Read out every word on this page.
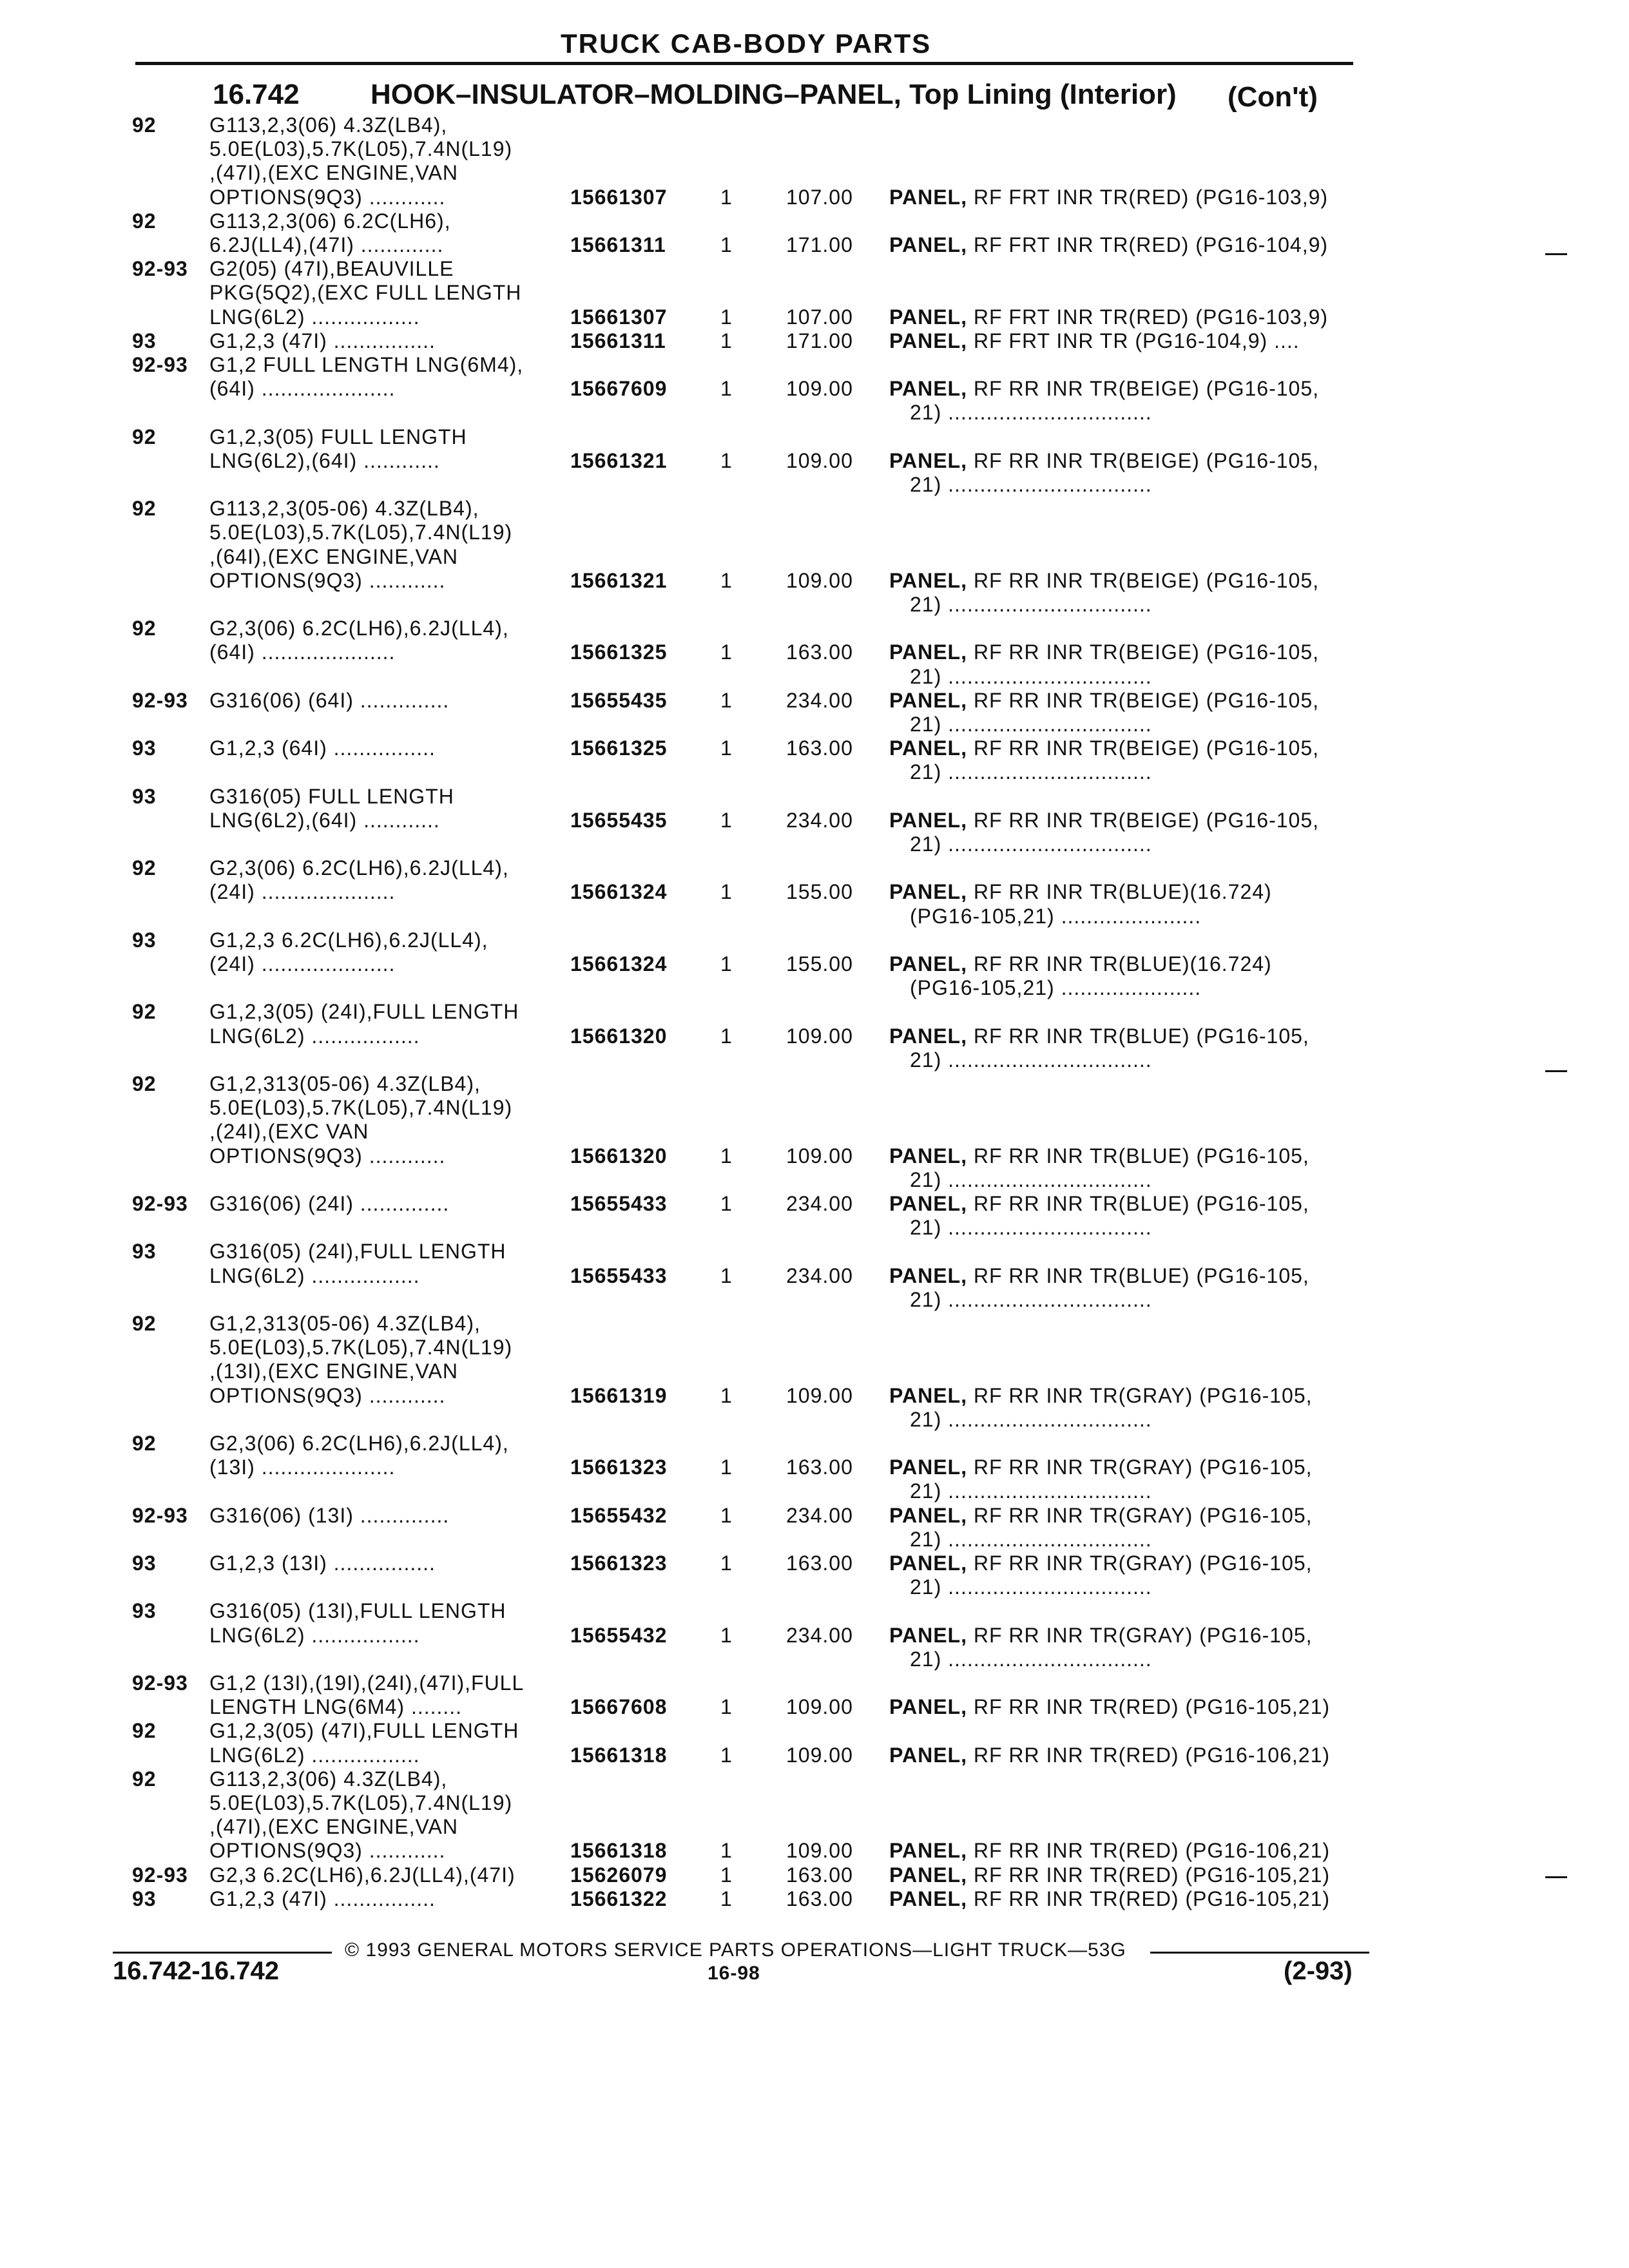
TRUCK CAB-BODY PARTS
16.742	HOOK–INSULATOR–MOLDING–PANEL, Top Lining (Interior) (Con't)
92	G113,2,3(06) 4.3Z(LB4),
5.0E(L03),5.7K(L05),7.4N(L19)
,(47I),(EXC ENGINE,VAN
OPTIONS(9Q3) ............	15661307	1	107.00 PANEL, RF FRT INR TR(RED) (PG16-103,9)
92	G113,2,3(06) 6.2C(LH6),
6.2J(LL4),(47I) .............	15661311	1	171.00 PANEL, RF FRT INR TR(RED) (PG16-104,9)
92-93 G2(05) (47I),BEAUVILLE
PKG(5Q2),(EXC FULL LENGTH
LNG(6L2) .................	15661307	1	107.00 PANEL, RF FRT INR TR(RED) (PG16-103,9)
93	G1,2,3 (47I) ................	15661311	1	171.00 PANEL, RF FRT INR TR (PG16-104,9) ....
92-93 G1,2 FULL LENGTH LNG(6M4),
(64I) .....................	15667609	1	109.00 PANEL, RF RR INR TR(BEIGE) (PG16-105,
21) ................................
92	G1,2,3(05) FULL LENGTH
LNG(6L2),(64I) ............	15661321	1	109.00 PANEL, RF RR INR TR(BEIGE) (PG16-105,
21) ................................
92	G113,2,3(05-06) 4.3Z(LB4),
5.0E(L03),5.7K(L05),7.4N(L19)
,(64I),(EXC ENGINE,VAN
OPTIONS(9Q3) ............	15661321	1	109.00 PANEL, RF RR INR TR(BEIGE) (PG16-105,
21) ................................
92	G2,3(06) 6.2C(LH6),6.2J(LL4),
(64I) .....................	15661325	1	163.00 PANEL, RF RR INR TR(BEIGE) (PG16-105,
21) ................................
92-93 G316(06) (64I) ..............	15655435	1	234.00 PANEL, RF RR INR TR(BEIGE) (PG16-105,
21) ................................
93	G1,2,3 (64I) ................	15661325	1	163.00 PANEL, RF RR INR TR(BEIGE) (PG16-105,
21) ................................
93	G316(05) FULL LENGTH
LNG(6L2),(64I) ............	15655435	1	234.00 PANEL, RF RR INR TR(BEIGE) (PG16-105,
21) ................................
92	G2,3(06) 6.2C(LH6),6.2J(LL4),
(24I) .....................	15661324	1	155.00 PANEL, RF RR INR TR(BLUE)(16.724)
(PG16-105,21) ......................
93	G1,2,3 6.2C(LH6),6.2J(LL4),
(24I) .....................	15661324	1	155.00 PANEL, RF RR INR TR(BLUE)(16.724)
(PG16-105,21) ......................
92	G1,2,3(05) (24I),FULL LENGTH
LNG(6L2) .................	15661320	1	109.00 PANEL, RF RR INR TR(BLUE) (PG16-105,
21) ................................
92	G1,2,313(05-06) 4.3Z(LB4),
5.0E(L03),5.7K(L05),7.4N(L19)
,(24I),(EXC VAN
OPTIONS(9Q3) ............	15661320	1	109.00 PANEL, RF RR INR TR(BLUE) (PG16-105,
21) ................................
92-93 G316(06) (24I) ..............	15655433	1	234.00 PANEL, RF RR INR TR(BLUE) (PG16-105,
21) ................................
93	G316(05) (24I),FULL LENGTH
LNG(6L2) .................	15655433	1	234.00 PANEL, RF RR INR TR(BLUE) (PG16-105,
21) ................................
92	G1,2,313(05-06) 4.3Z(LB4),
5.0E(L03),5.7K(L05),7.4N(L19)
,(13I),(EXC ENGINE,VAN
OPTIONS(9Q3) ............	15661319	1	109.00 PANEL, RF RR INR TR(GRAY) (PG16-105,
21) ................................
92	G2,3(06) 6.2C(LH6),6.2J(LL4),
(13I) .....................	15661323	1	163.00 PANEL, RF RR INR TR(GRAY) (PG16-105,
21) ................................
92-93 G316(06) (13I) ..............	15655432	1	234.00 PANEL, RF RR INR TR(GRAY) (PG16-105,
21) ................................
93	G1,2,3 (13I) ................	15661323	1	163.00 PANEL, RF RR INR TR(GRAY) (PG16-105,
21) ................................
93	G316(05) (13I),FULL LENGTH
LNG(6L2) .................	15655432	1	234.00 PANEL, RF RR INR TR(GRAY) (PG16-105,
21) ................................
92-93 G1,2 (13I),(19I),(24I),(47I),FULL
LENGTH LNG(6M4) ........	15667608	1	109.00 PANEL, RF RR INR TR(RED) (PG16-105,21)
92	G1,2,3(05) (47I),FULL LENGTH
LNG(6L2) .................	15661318	1	109.00 PANEL, RF RR INR TR(RED) (PG16-106,21)
92	G113,2,3(06) 4.3Z(LB4),
5.0E(L03),5.7K(L05),7.4N(L19)
,(47I),(EXC ENGINE,VAN
OPTIONS(9Q3) ............	15661318	1	109.00 PANEL, RF RR INR TR(RED) (PG16-106,21)
92-93 G2,3 6.2C(LH6),6.2J(LL4),(47I)	15626079	1	163.00 PANEL, RF RR INR TR(RED) (PG16-105,21)
93	G1,2,3 (47I) ................	15661322	1	163.00 PANEL, RF RR INR TR(RED) (PG16-105,21)
© 1993 GENERAL MOTORS SERVICE PARTS OPERATIONS—LIGHT TRUCK—53G
16.742-16.742	16-98	(2-93)
